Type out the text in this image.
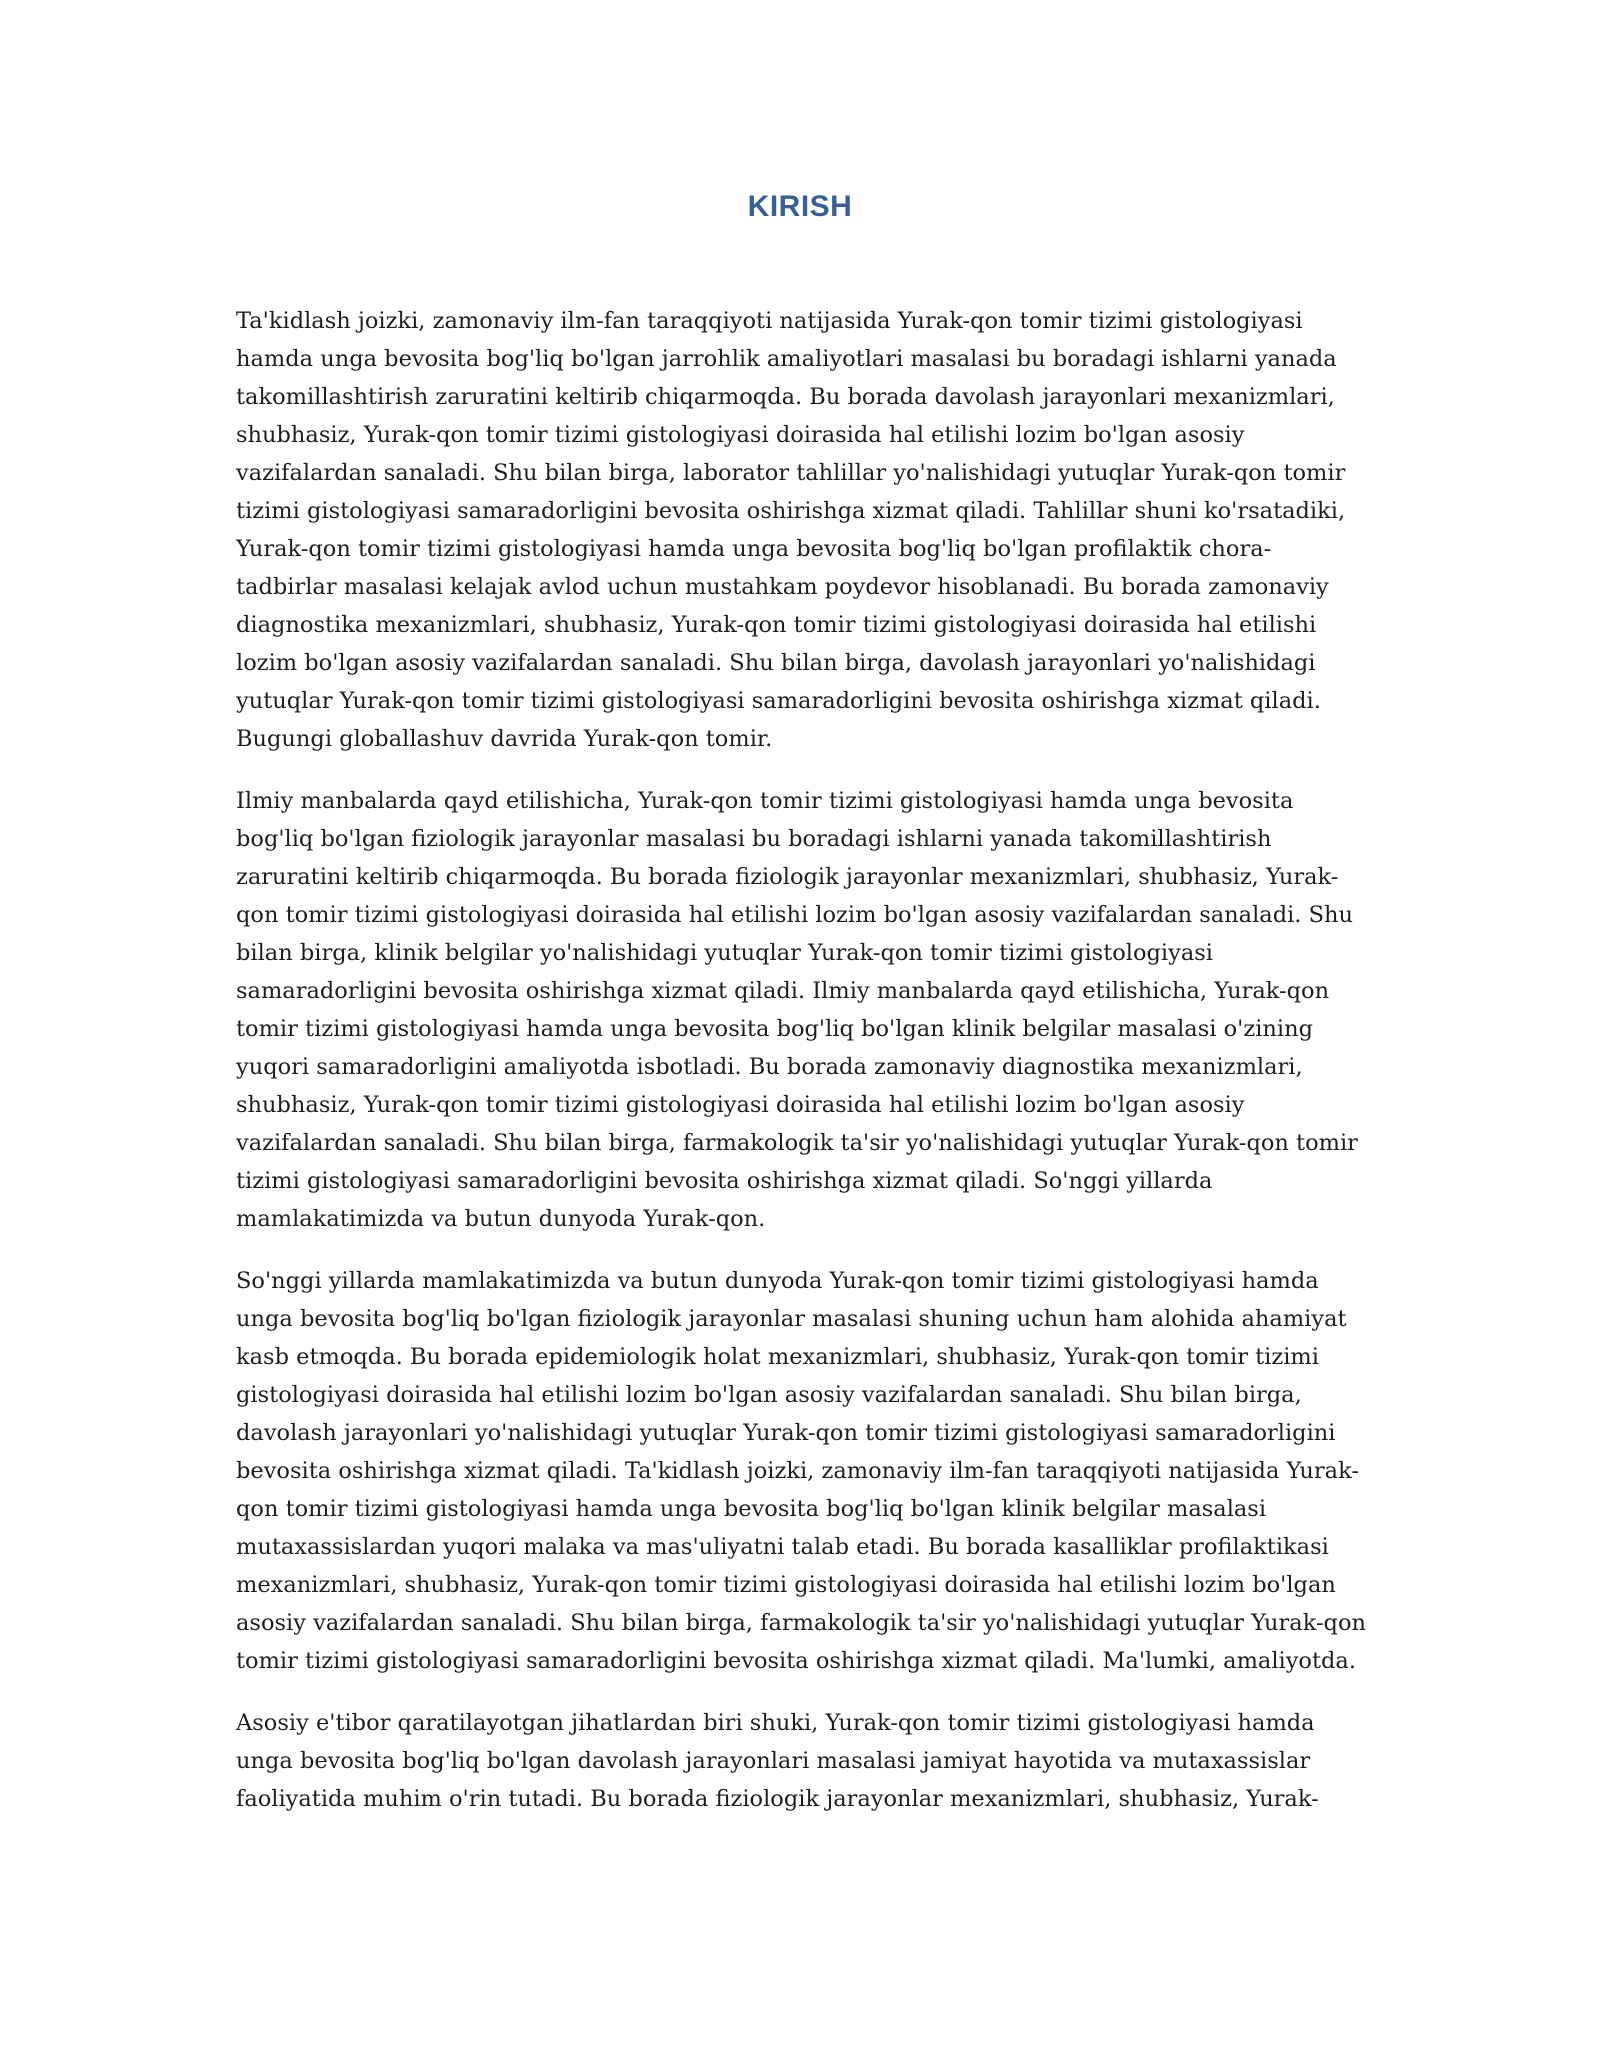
KIRISH

Ta'kidlash joizki, zamonaviy ilm-fan taraqqiyoti natijasida Yurak-qon tomir tizimi gistologiyasi hamda unga bevosita bog'liq bo'lgan jarrohlik amaliyotlari masalasi bu boradagi ishlarni yanada takomillashtirish zaruratini keltirib chiqarmoqda. Bu borada davolash jarayonlari mexanizmlari, shubhasiz, Yurak-qon tomir tizimi gistologiyasi doirasida hal etilishi lozim bo'lgan asosiy vazifalardan sanaladi. Shu bilan birga, laborator tahlillar yo'nalishidagi yutuqlar Yurak-qon tomir tizimi gistologiyasi samaradorligini bevosita oshirishga xizmat qiladi. Tahlillar shuni ko'rsatadiki, Yurak-qon tomir tizimi gistologiyasi hamda unga bevosita bog'liq bo'lgan profilaktik chora-tadbirlar masalasi kelajak avlod uchun mustahkam poydevor hisoblanadi. Bu borada zamonaviy diagnostika mexanizmlari, shubhasiz, Yurak-qon tomir tizimi gistologiyasi doirasida hal etilishi lozim bo'lgan asosiy vazifalardan sanaladi. Shu bilan birga, davolash jarayonlari yo'nalishidagi yutuqlar Yurak-qon tomir tizimi gistologiyasi samaradorligini bevosita oshirishga xizmat qiladi. Bugungi globallashuv davrida Yurak-qon tomir.

Ilmiy manbalarda qayd etilishicha, Yurak-qon tomir tizimi gistologiyasi hamda unga bevosita bog'liq bo'lgan fiziologik jarayonlar masalasi bu boradagi ishlarni yanada takomillashtirish zaruratini keltirib chiqarmoqda. Bu borada fiziologik jarayonlar mexanizmlari, shubhasiz, Yurak-qon tomir tizimi gistologiyasi doirasida hal etilishi lozim bo'lgan asosiy vazifalardan sanaladi. Shu bilan birga, klinik belgilar yo'nalishidagi yutuqlar Yurak-qon tomir tizimi gistologiyasi samaradorligini bevosita oshirishga xizmat qiladi. Ilmiy manbalarda qayd etilishicha, Yurak-qon tomir tizimi gistologiyasi hamda unga bevosita bog'liq bo'lgan klinik belgilar masalasi o'zining yuqori samaradorligini amaliyotda isbotladi. Bu borada zamonaviy diagnostika mexanizmlari, shubhasiz, Yurak-qon tomir tizimi gistologiyasi doirasida hal etilishi lozim bo'lgan asosiy vazifalardan sanaladi. Shu bilan birga, farmakologik ta'sir yo'nalishidagi yutuqlar Yurak-qon tomir tizimi gistologiyasi samaradorligini bevosita oshirishga xizmat qiladi. So'nggi yillarda mamlakatimizda va butun dunyoda Yurak-qon.

So'nggi yillarda mamlakatimizda va butun dunyoda Yurak-qon tomir tizimi gistologiyasi hamda unga bevosita bog'liq bo'lgan fiziologik jarayonlar masalasi shuning uchun ham alohida ahamiyat kasb etmoqda. Bu borada epidemiologik holat mexanizmlari, shubhasiz, Yurak-qon tomir tizimi gistologiyasi doirasida hal etilishi lozim bo'lgan asosiy vazifalardan sanaladi. Shu bilan birga, davolash jarayonlari yo'nalishidagi yutuqlar Yurak-qon tomir tizimi gistologiyasi samaradorligini bevosita oshirishga xizmat qiladi. Ta'kidlash joizki, zamonaviy ilm-fan taraqqiyoti natijasida Yurak-qon tomir tizimi gistologiyasi hamda unga bevosita bog'liq bo'lgan klinik belgilar masalasi mutaxassislardan yuqori malaka va mas'uliyatni talab etadi. Bu borada kasalliklar profilaktikasi mexanizmlari, shubhasiz, Yurak-qon tomir tizimi gistologiyasi doirasida hal etilishi lozim bo'lgan asosiy vazifalardan sanaladi. Shu bilan birga, farmakologik ta'sir yo'nalishidagi yutuqlar Yurak-qon tomir tizimi gistologiyasi samaradorligini bevosita oshirishga xizmat qiladi. Ma'lumki, amaliyotda.

Asosiy e'tibor qaratilayotgan jihatlardan biri shuki, Yurak-qon tomir tizimi gistologiyasi hamda unga bevosita bog'liq bo'lgan davolash jarayonlari masalasi jamiyat hayotida va mutaxassislar faoliyatida muhim o'rin tutadi. Bu borada fiziologik jarayonlar mexanizmlari, shubhasiz, Yurak-
